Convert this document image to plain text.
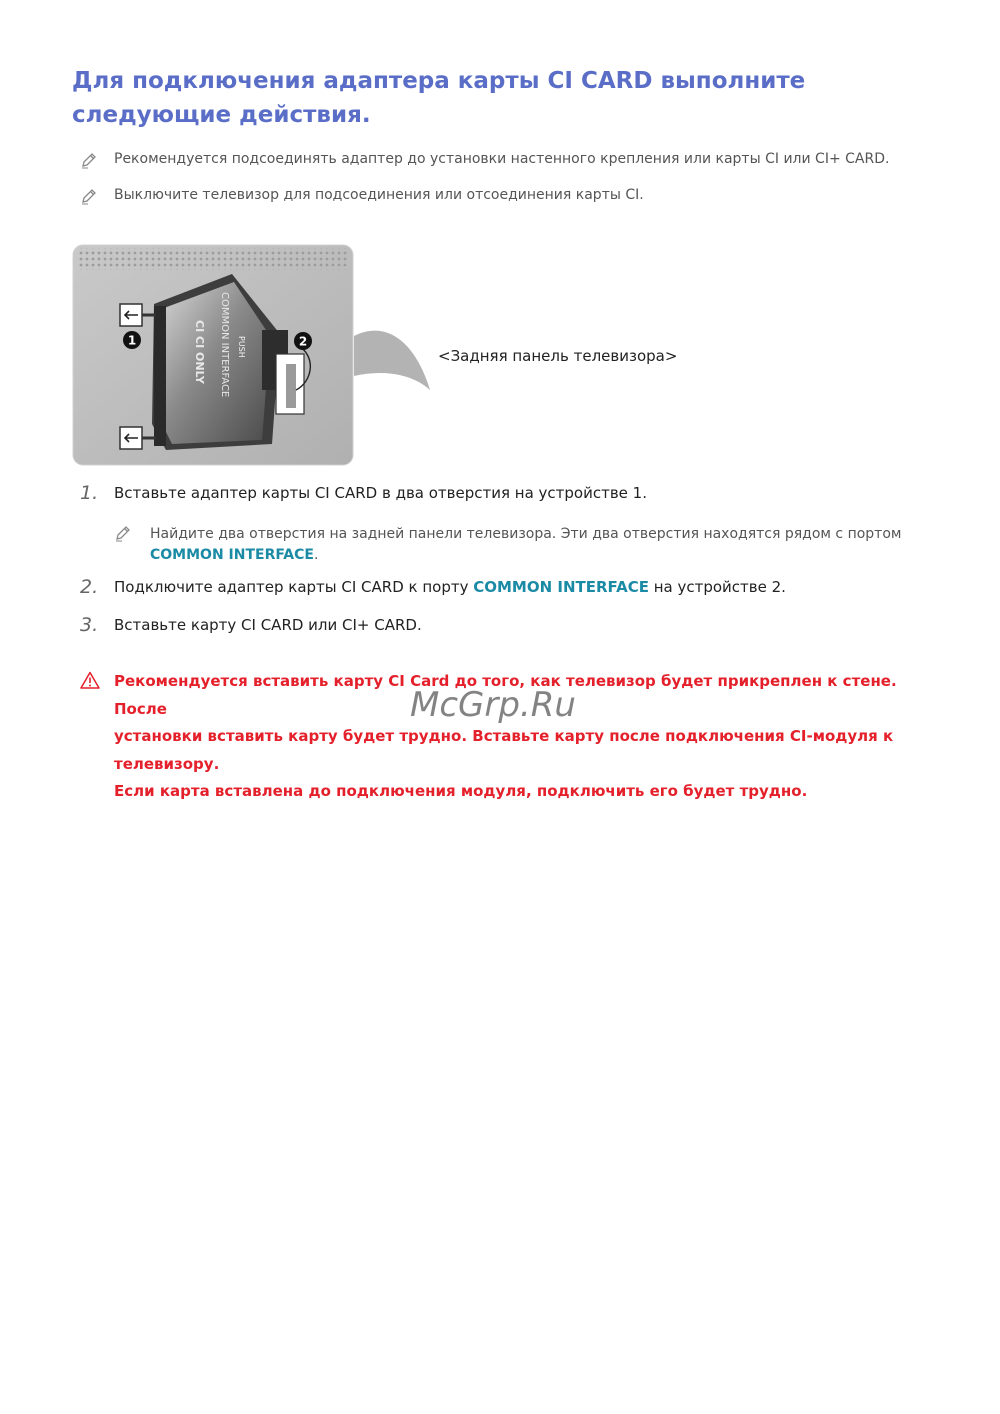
Для подключения адаптера карты CI CARD выполните следующие действия.
Рекомендуется подсоединять адаптер до установки настенного крепления или карты CI или CI+ CARD.
Выключите телевизор для подсоединения или отсоединения карты CI.
COMMON INTERFACE
CI CI ONLY	PUSH
1	2
<Задняя панель телевизора>
1. Вставьте адаптер карты CI CARD в два отверстия на устройстве 1.
Найдите два отверстия на задней панели телевизора. Эти два отверстия находятся рядом с портом COMMON INTERFACE.
2. Подключите адаптер карты CI CARD к порту COMMON INTERFACE на устройстве 2.
3. Вставьте карту CI CARD или CI+ CARD.
Рекомендуется вставить карту CI Card до того, как телевизор будет прикреплен к стене. После
установки вставить карту будет трудно. Вставьте карту после подключения CI-модуля к телевизору.
Если карта вставлена до подключения модуля, подключить его будет трудно.
McGrp.Ru
